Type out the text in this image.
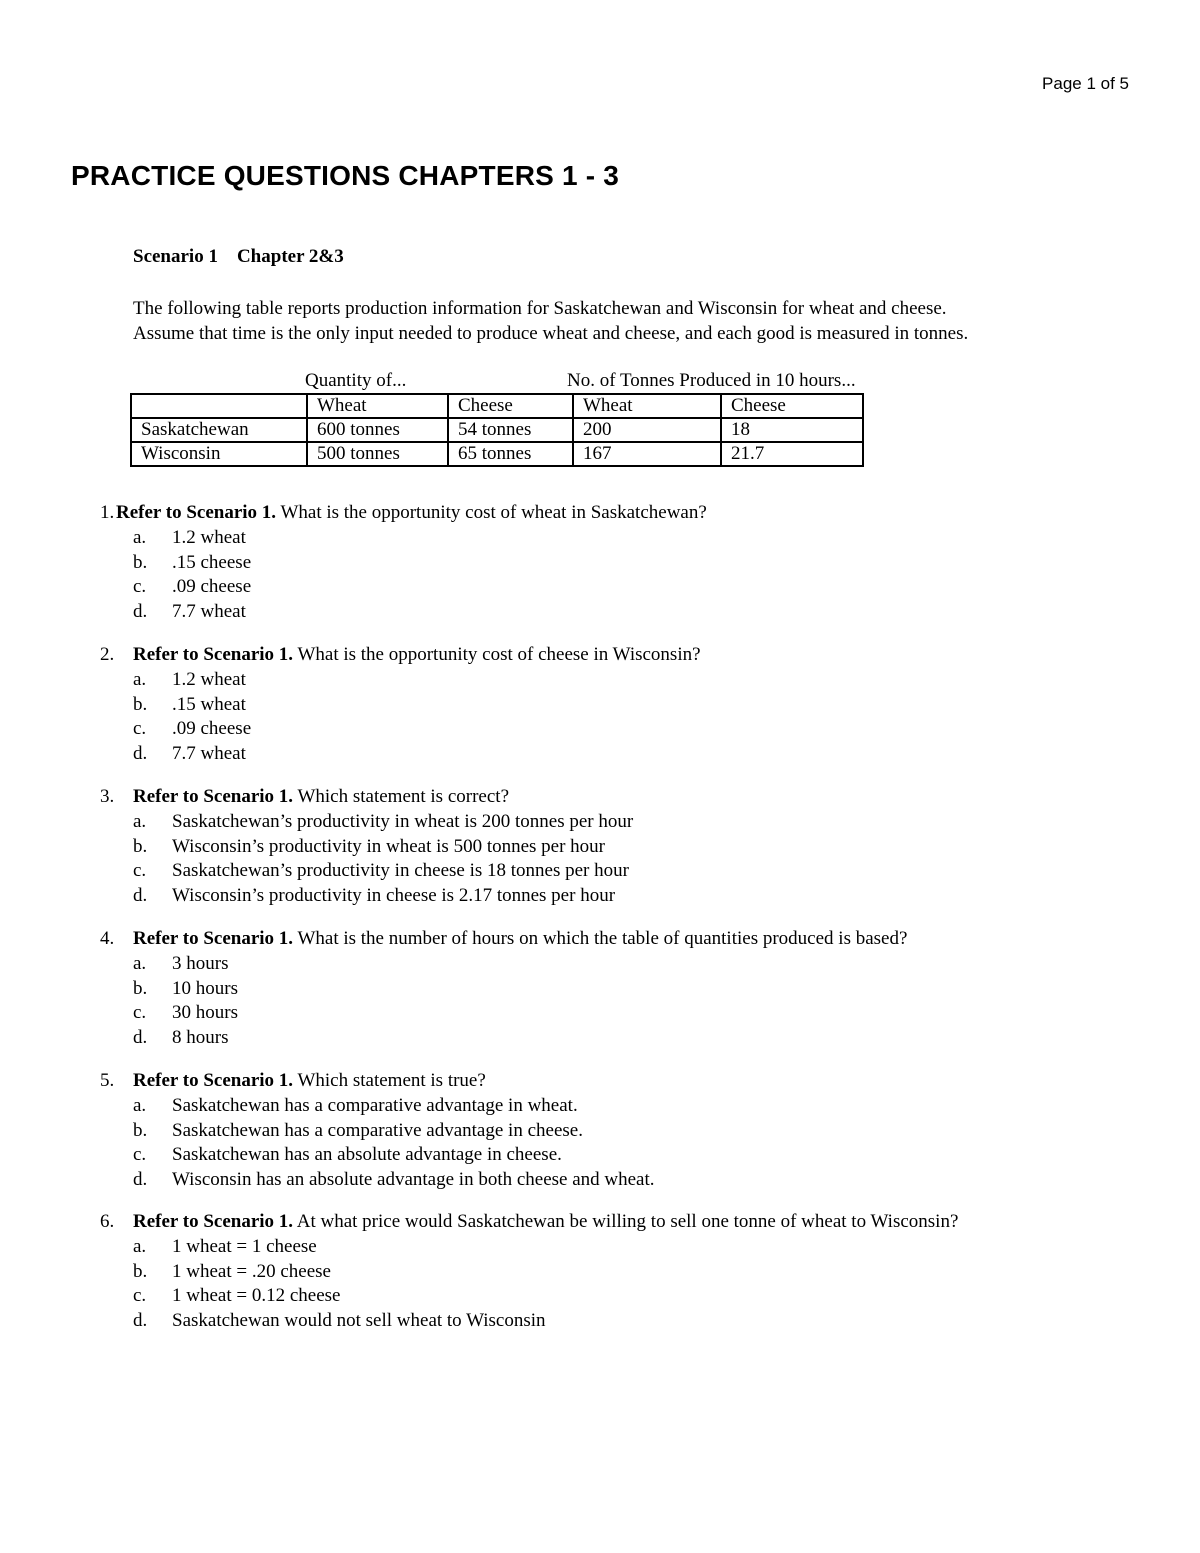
Page 1 of 5
PRACTICE QUESTIONS CHAPTERS 1 - 3
Scenario 1    Chapter 2&3
The following table reports production information for Saskatchewan and Wisconsin for wheat and cheese.
Assume that time is the only input needed to produce wheat and cheese, and each good is measured in tonnes.
Quantity of...	No. of Tonnes Produced in 10 hours...
	Wheat	Cheese	Wheat	Cheese
Saskatchewan	600 tonnes	54 tonnes	200	18
Wisconsin	500 tonnes	65 tonnes	167	21.7
1. Refer to Scenario 1. What is the opportunity cost of wheat in Saskatchewan?
a.	1.2 wheat
b.	.15 cheese
c.	.09 cheese
d.	7.7 wheat
2. Refer to Scenario 1. What is the opportunity cost of cheese in Wisconsin?
a.	1.2 wheat
b.	.15 wheat
c.	.09 cheese
d.	7.7 wheat
3. Refer to Scenario 1. Which statement is correct?
a.	Saskatchewan’s productivity in wheat is 200 tonnes per hour
b.	Wisconsin’s productivity in wheat is 500 tonnes per hour
c.	Saskatchewan’s productivity in cheese is 18 tonnes per hour
d.	Wisconsin’s productivity in cheese is 2.17 tonnes per hour
4. Refer to Scenario 1. What is the number of hours on which the table of quantities produced is based?
a.	3 hours
b.	10 hours
c.	30 hours
d.	8 hours
5. Refer to Scenario 1. Which statement is true?
a.	Saskatchewan has a comparative advantage in wheat.
b.	Saskatchewan has a comparative advantage in cheese.
c.	Saskatchewan has an absolute advantage in cheese.
d.	Wisconsin has an absolute advantage in both cheese and wheat.
6. Refer to Scenario 1. At what price would Saskatchewan be willing to sell one tonne of wheat to Wisconsin?
a.	1 wheat = 1 cheese
b.	1 wheat = .20 cheese
c.	1 wheat = 0.12 cheese
d.	Saskatchewan would not sell wheat to Wisconsin
